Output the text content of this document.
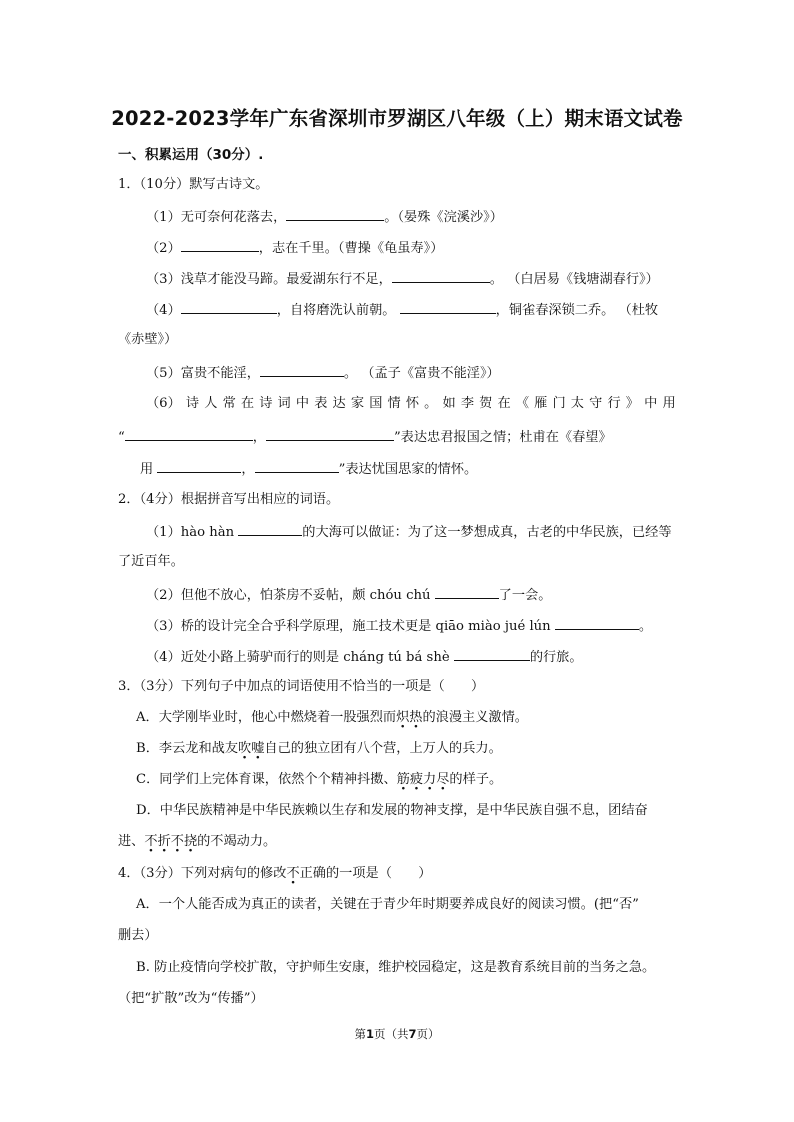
2022-2023学年广东省深圳市罗湖区八年级（上）期末语文试卷
一、积累运用（30分）.
1．（10分）默写古诗文。
（1）无可奈何花落去，	。（晏殊《浣溪沙》）
（2）	，志在千里。（曹操《龟虽寿》）
（3）浅草才能没马蹄。最爱湖东行不足，	。 （白居易《钱塘湖春行》）
（4）	，自将磨洗认前朝。	，铜雀春深锁二乔。 （杜牧
《赤壁》）
（5）富贵不能淫，	。 （孟子《富贵不能淫》）
（6） 诗 人 常 在 诗 词 中 表 达 家 国 情 怀 。 如 李 贺 在 《 雁 门 太 守 行 》 中 用
“	，	”表达忠君报国之情；杜甫在《春望》
用	，	”表达忧国思家的情怀。
2．（4分）根据拼音写出相应的词语。
（1）hào hàn	的大海可以做证：为了这一梦想成真，古老的中华民族，已经等
了近百年。
（2）但他不放心，怕茶房不妥帖，颇 chóu chú	了一会。
（3）桥的设计完全合乎科学原理，施工技术更是 qiāo miào jué lún	。
（4）近处小路上骑驴而行的则是 cháng tú bá shè	的行旅。
3．（3分）下列句子中加点的词语使用不恰当的一项是（　　）
A．大学刚毕业时，他心中燃烧着一股强烈而炽热的浪漫主义激情。
B．李云龙和战友吹嘘自己的独立团有八个营，上万人的兵力。
C．同学们上完体育课，依然个个精神抖擞、筋疲力尽的样子。
D．中华民族精神是中华民族赖以生存和发展的物神支撑，是中华民族自强不息，团结奋
进、不折不挠的不竭动力。
4．（3分）下列对病句的修改不正确的一项是（　　）
A．一个人能否成为真正的读者，关键在于青少年时期要养成良好的阅读习惯。(把“否”
删去）
B. 防止疫情向学校扩散，守护师生安康，维护校园稳定，这是教育系统目前的当务之急。
（把“扩散”改为“传播”）
第1页（共7页）
